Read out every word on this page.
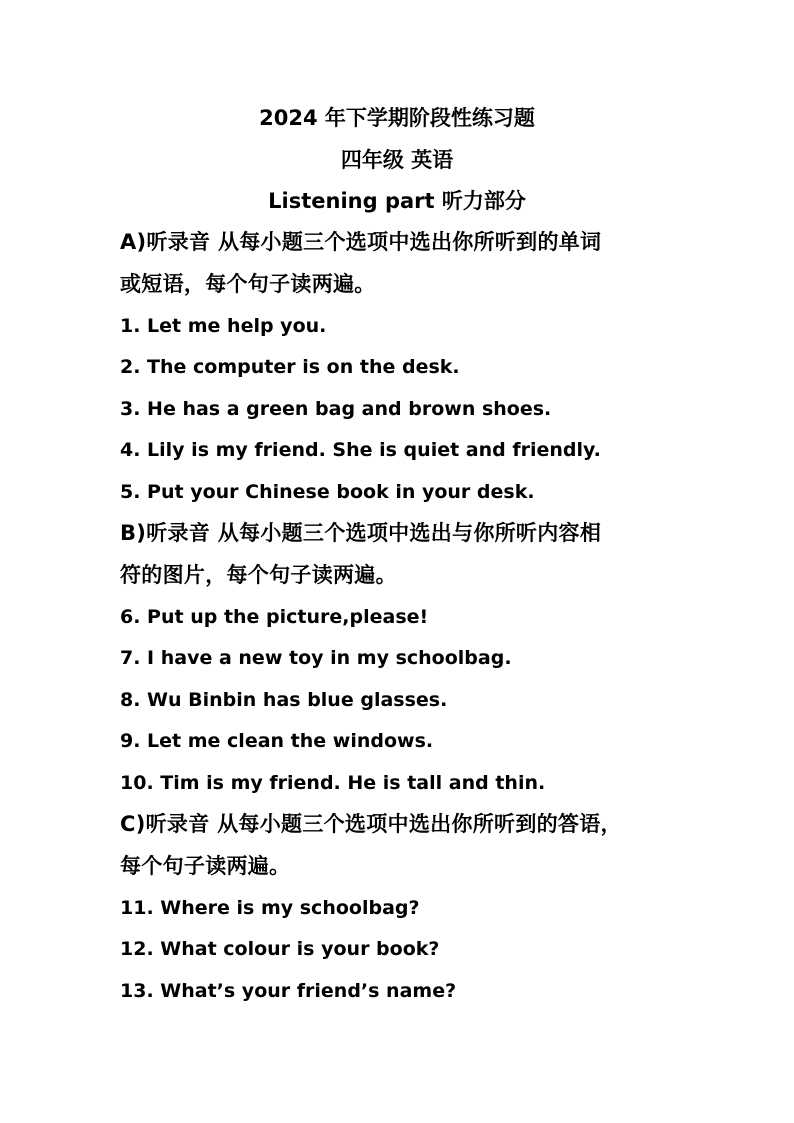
2024 年下学期阶段性练习题
四年级 英语
Listening part 听力部分
A)听录音 从每小题三个选项中选出你所听到的单词
或短语，每个句子读两遍。
1. Let me help you.
2. The computer is on the desk.
3. He has a green bag and brown shoes.
4. Lily is my friend. She is quiet and friendly.
5. Put your Chinese book in your desk.
B)听录音 从每小题三个选项中选出与你所听内容相
符的图片，每个句子读两遍。
6. Put up the picture,please!
7. I have a new toy in my schoolbag.
8. Wu Binbin has blue glasses.
9. Let me clean the windows.
10. Tim is my friend. He is tall and thin.
C)听录音 从每小题三个选项中选出你所听到的答语，
每个句子读两遍。
11. Where is my schoolbag?
12. What colour is your book?
13. What’s your friend’s name?
